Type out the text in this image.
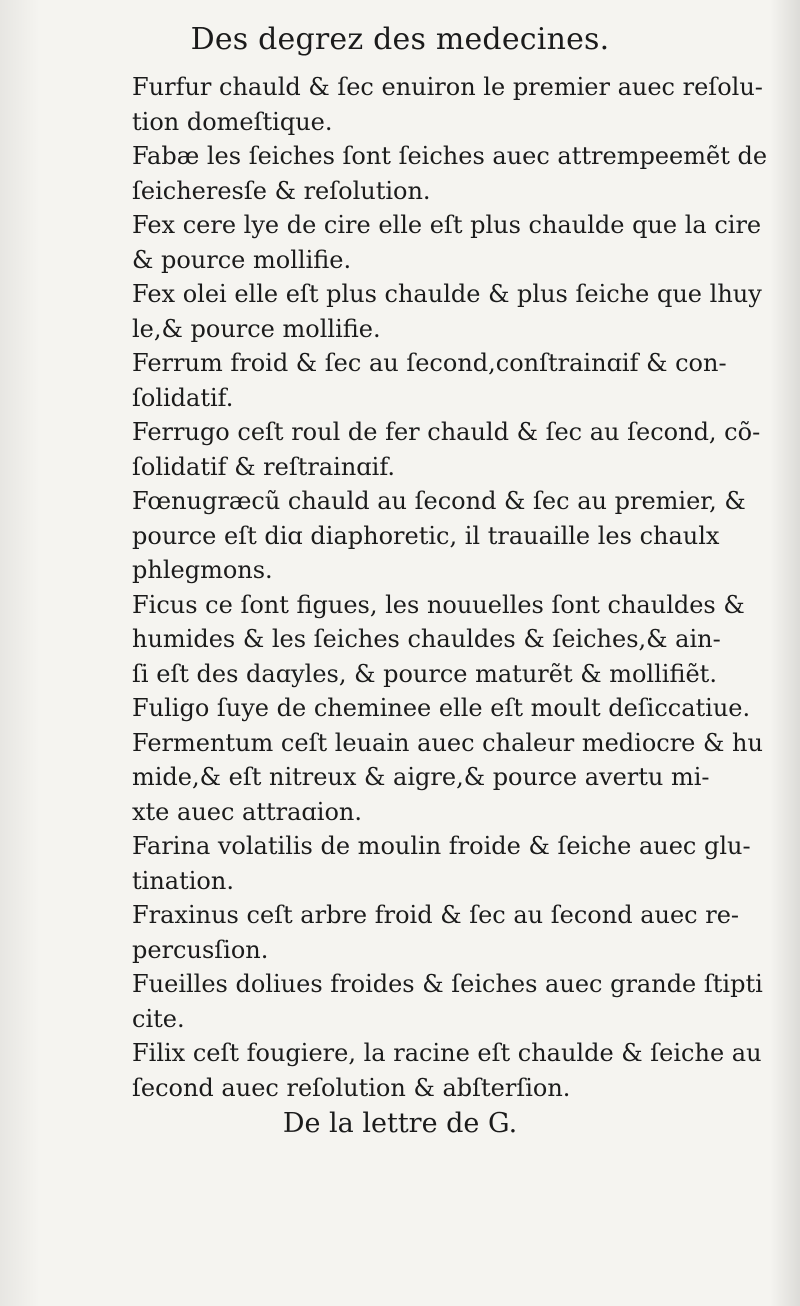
Des degrez des medecines.

Furfur chauld & ſec enuiron le premier auec reſolu-
tion domeſtique.

Fabæ les ſeiches ſont ſeiches auec attrempeemẽt de
ſeicheresſe & reſolution.

Fex cere lye de cire elle eſt plus chaulde que la cire
& pource mollifie.

Fex olei elle eſt plus chaulde & plus ſeiche que lhuy
le,& pource mollifie.

Ferrum froid & ſec au ſecond,conſtrainɑif & con-
ſolidatif.

Ferrugo ceſt roul de fer chauld & ſec au ſecond, cõ-
ſolidatif & reſtrainɑif.

Fœnugræcũ chauld au ſecond & ſec au premier, &
pource eſt diɑ diaphoretic, il trauaille les chaulx
phlegmons.

Ficus ce ſont figues, les nouuelles ſont chauldes &
humides & les ſeiches chauldes & ſeiches,& ain-
ſi eſt des daɑyles, & pource maturẽt & mollifiẽt.

Fuligo ſuye de cheminee elle eſt moult deſiccatiue.

Fermentum ceſt leuain auec chaleur mediocre & hu
mide,& eſt nitreux & aigre,& pource avertu mi-
xte auec attraɑion.

Farina volatilis de moulin froide & ſeiche auec glu-
tination.

Fraxinus ceſt arbre froid & ſec au ſecond auec re-
percusſion.

Fueilles doliues froides & ſeiches auec grande ſtipti
cite.

Filix ceſt fougiere, la racine eſt chaulde & ſeiche au
ſecond auec reſolution & abſterſion.

De la lettre de G.
